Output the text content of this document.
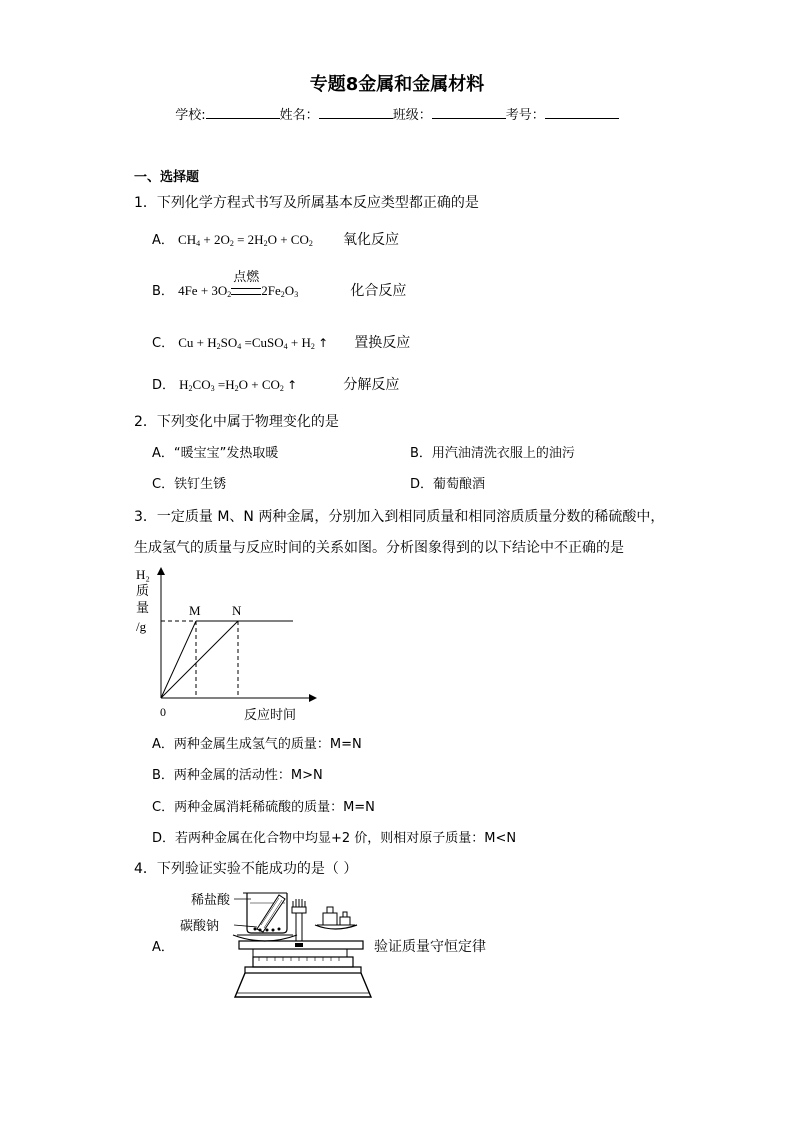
专题8金属和金属材料
学校:	姓名：	班级：	考号：
一、选择题
1．下列化学方程式书写及所属基本反应类型都正确的是
A． $CH_4 + 2O_2 = 2H_2O + CO_2$ 氧化反应
B． $4Fe + 3O_2$
点燃
$2Fe_2O_3$	化合反应
C． $Cu + H_2SO_4$ =CuSO$_4$ + $H_2$ ↑ 置换反应
D． $H_2CO_3 =H_2O + CO_2$ ↑	分解反应
2．下列变化中属于物理变化的是
A．“暖宝宝”发热取暖	B．用汽油清洗衣服上的油污
C．铁钉生锈	D．葡萄酿酒
3．一定质量 M、N 两种金属，分别加入到相同质量和相同溶质质量分数的稀硫酸中，
生成氢气的质量与反应时间的关系如图。分析图象得到的以下结论中不正确的是
H₂
质
量
/g
M N
0	反应时间
A．两种金属生成氢气的质量：M=N
B．两种金属的活动性：M>N
C．两种金属消耗稀硫酸的质量：M=N
D．若两种金属在化合物中均显+2 价，则相对原子质量：M<N
4．下列验证实验不能成功的是（ ）
A．
稀盐酸
碳酸钠
验证质量守恒定律
